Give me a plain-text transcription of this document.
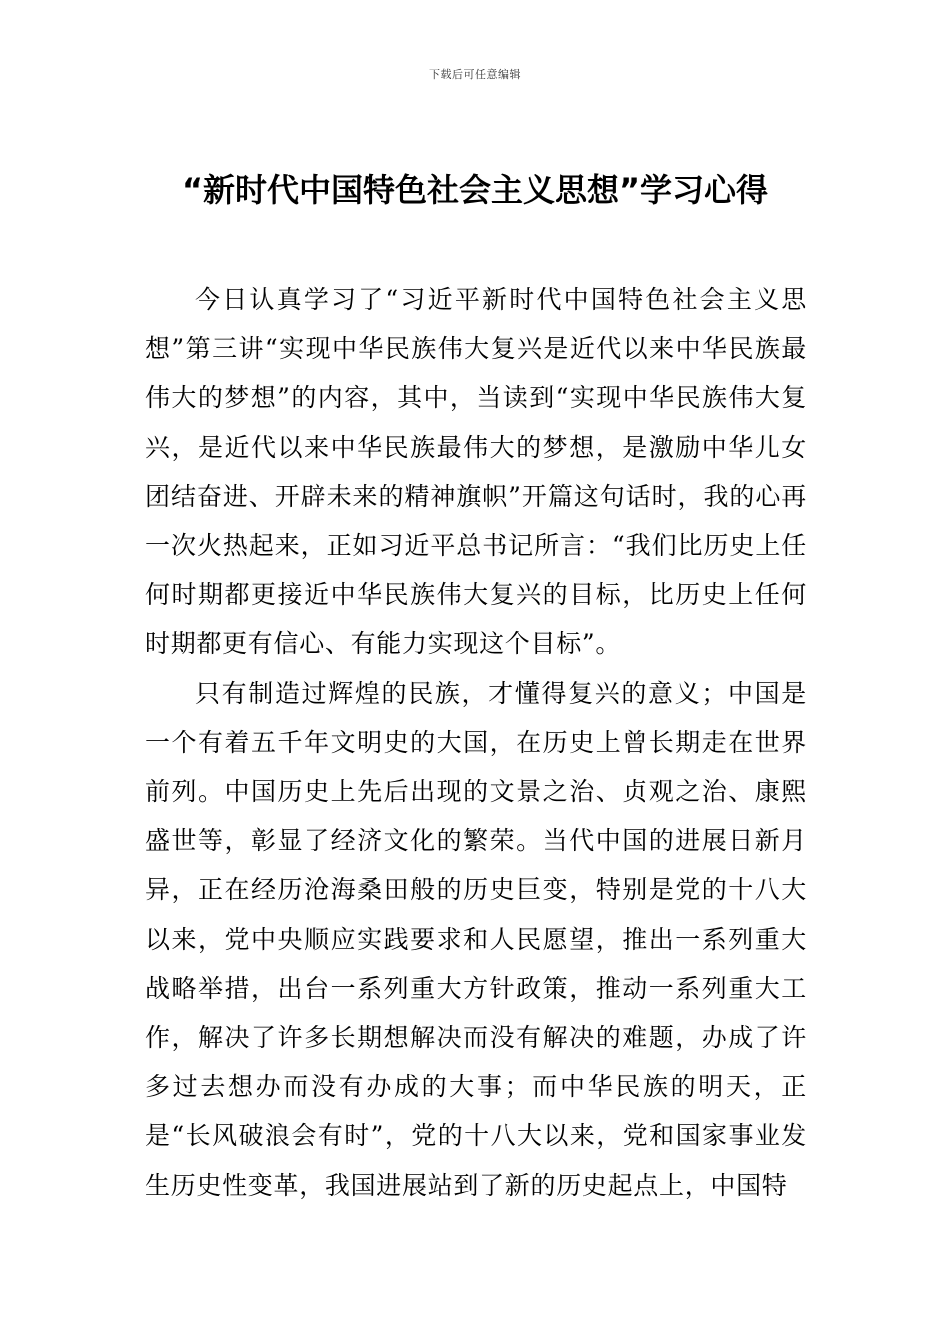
下载后可任意编辑
“新时代中国特色社会主义思想”学习心得

今日认真学习了“习近平新时代中国特色社会主义思想”第三讲“实现中华民族伟大复兴是近代以来中华民族最伟大的梦想”的内容，其中，当读到“实现中华民族伟大复兴，是近代以来中华民族最伟大的梦想，是激励中华儿女团结奋进、开辟未来的精神旗帜”开篇这句话时，我的心再一次火热起来，正如习近平总书记所言：“我们比历史上任何时期都更接近中华民族伟大复兴的目标，比历史上任何时期都更有信心、有能力实现这个目标”。

只有制造过辉煌的民族，才懂得复兴的意义；中国是一个有着五千年文明史的大国，在历史上曾长期走在世界前列。中国历史上先后出现的文景之治、贞观之治、康熙盛世等，彰显了经济文化的繁荣。当代中国的进展日新月异，正在经历沧海桑田般的历史巨变，特别是党的十八大以来，党中央顺应实践要求和人民愿望，推出一系列重大战略举措，出台一系列重大方针政策，推动一系列重大工作，解决了许多长期想解决而没有解决的难题，办成了许多过去想办而没有办成的大事；而中华民族的明天，正是“长风破浪会有时”，党的十八大以来，党和国家事业发生历史性变革，我国进展站到了新的历史起点上，中国特
